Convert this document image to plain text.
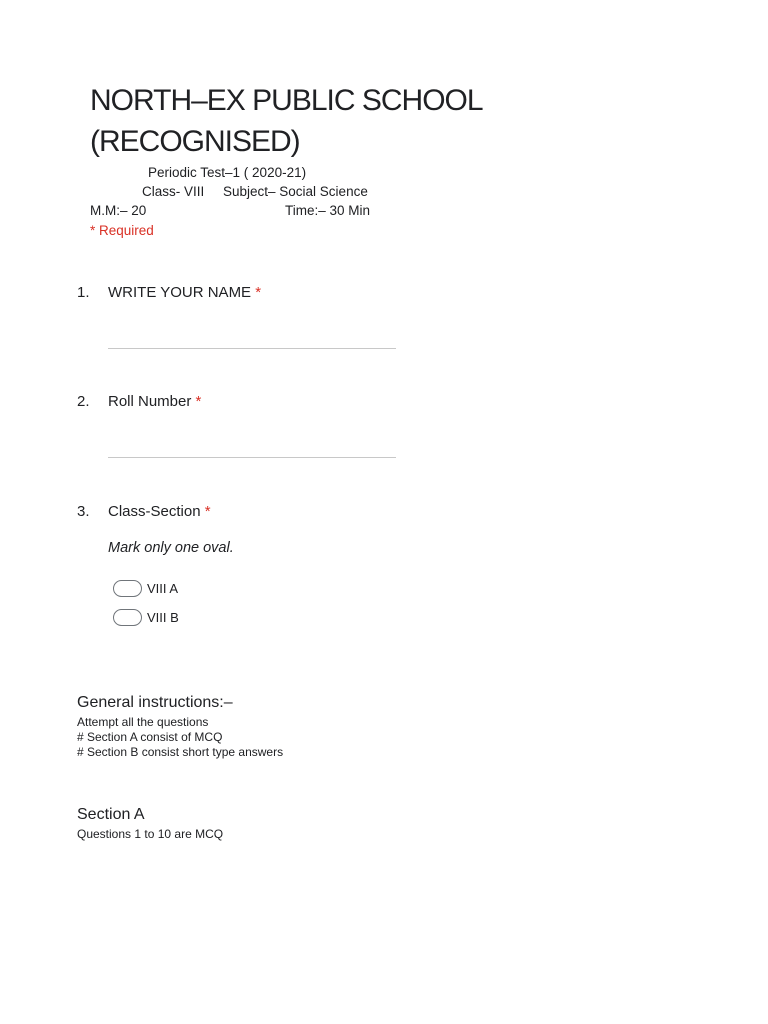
NORTH–EX PUBLIC SCHOOL (RECOGNISED)
Periodic Test–1 ( 2020-21)
Class- VIII Subject– Social Science
M.M:– 20	Time:– 30 Min
* Required
1. WRITE YOUR NAME *
2. Roll Number *
3. Class-Section *
Mark only one oval.
VIII A
VIII B
General instructions:–
Attempt all the questions
# Section A consist of MCQ
# Section B consist short type answers
Section A
Questions 1 to 10 are MCQ
